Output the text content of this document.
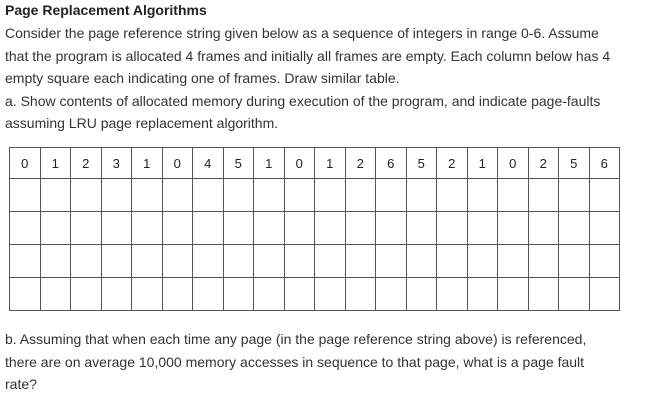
Page Replacement Algorithms

Consider the page reference string given below as a sequence of integers in range 0-6. Assume

that the program is allocated 4 frames and initially all frames are empty. Each column below has 4

empty square each indicating one of frames. Draw similar table.

a. Show contents of allocated memory during execution of the program, and indicate page-faults

assuming LRU page replacement algorithm.

0	1	2	3	1	0	4	5	1	0	1	2	6	5	2	1	0	2	5	6

b. Assuming that when each time any page (in the page reference string above) is referenced,

there are on average 10,000 memory accesses in sequence to that page, what is a page fault

rate?
